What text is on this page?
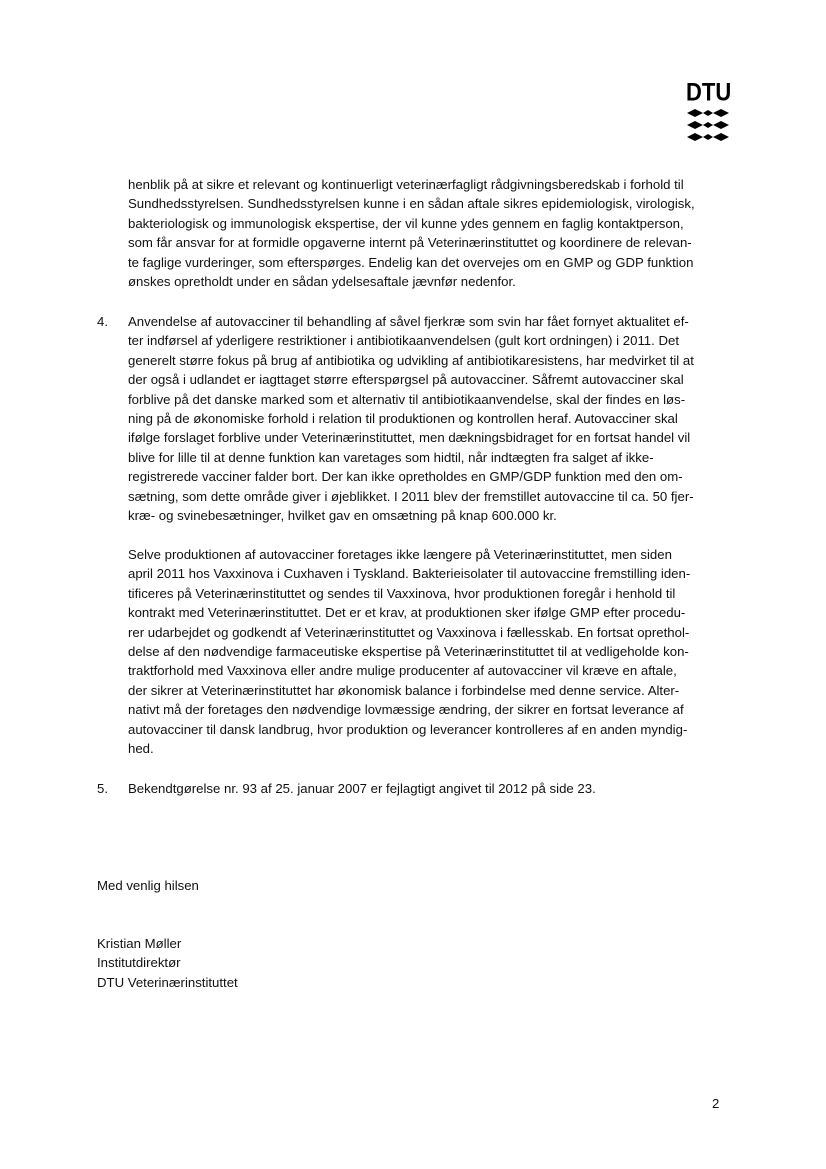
DTU
henblik på at sikre et relevant og kontinuerligt veterinærfagligt rådgivningsberedskab i forhold til
Sundhedsstyrelsen. Sundhedsstyrelsen kunne i en sådan aftale sikres epidemiologisk, virologisk,
bakteriologisk og immunologisk ekspertise, der vil kunne ydes gennem en faglig kontaktperson,
som får ansvar for at formidle opgaverne internt på Veterinærinstituttet og koordinere de relevan-
te faglige vurderinger, som efterspørges. Endelig kan det overvejes om en GMP og GDP funktion
ønskes opretholdt under en sådan ydelsesaftale jævnfør nedenfor.
4. Anvendelse af autovacciner til behandling af såvel fjerkræ som svin har fået fornyet aktualitet ef-
ter indførsel af yderligere restriktioner i antibiotikaanvendelsen (gult kort ordningen) i 2011. Det
generelt større fokus på brug af antibiotika og udvikling af antibiotikaresistens, har medvirket til at
der også i udlandet er iagttaget større efterspørgsel på autovacciner. Såfremt autovacciner skal
forblive på det danske marked som et alternativ til antibiotikaanvendelse, skal der findes en løs-
ning på de økonomiske forhold i relation til produktionen og kontrollen heraf. Autovacciner skal
ifølge forslaget forblive under Veterinærinstituttet, men dækningsbidraget for en fortsat handel vil
blive for lille til at denne funktion kan varetages som hidtil, når indtægten fra salget af ikke-
registrerede vacciner falder bort. Der kan ikke opretholdes en GMP/GDP funktion med den om-
sætning, som dette område giver i øjeblikket. I 2011 blev der fremstillet autovaccine til ca. 50 fjer-
kræ- og svinebesætninger, hvilket gav en omsætning på knap 600.000 kr.
Selve produktionen af autovacciner foretages ikke længere på Veterinærinstituttet, men siden
april 2011 hos Vaxxinova i Cuxhaven i Tyskland. Bakterieisolater til autovaccine fremstilling iden-
tificeres på Veterinærinstituttet og sendes til Vaxxinova, hvor produktionen foregår i henhold til
kontrakt med Veterinærinstituttet. Det er et krav, at produktionen sker ifølge GMP efter procedu-
rer udarbejdet og godkendt af Veterinærinstituttet og Vaxxinova i fællesskab. En fortsat oprethol-
delse af den nødvendige farmaceutiske ekspertise på Veterinærinstituttet til at vedligeholde kon-
traktforhold med Vaxxinova eller andre mulige producenter af autovacciner vil kræve en aftale,
der sikrer at Veterinærinstituttet har økonomisk balance i forbindelse med denne service. Alter-
nativt må der foretages den nødvendige lovmæssige ændring, der sikrer en fortsat leverance af
autovacciner til dansk landbrug, hvor produktion og leverancer kontrolleres af en anden myndig-
hed.
5. Bekendtgørelse nr. 93 af 25. januar 2007 er fejlagtigt angivet til 2012 på side 23.
Med venlig hilsen
Kristian Møller
Institutdirektør
DTU Veterinærinstituttet
2
